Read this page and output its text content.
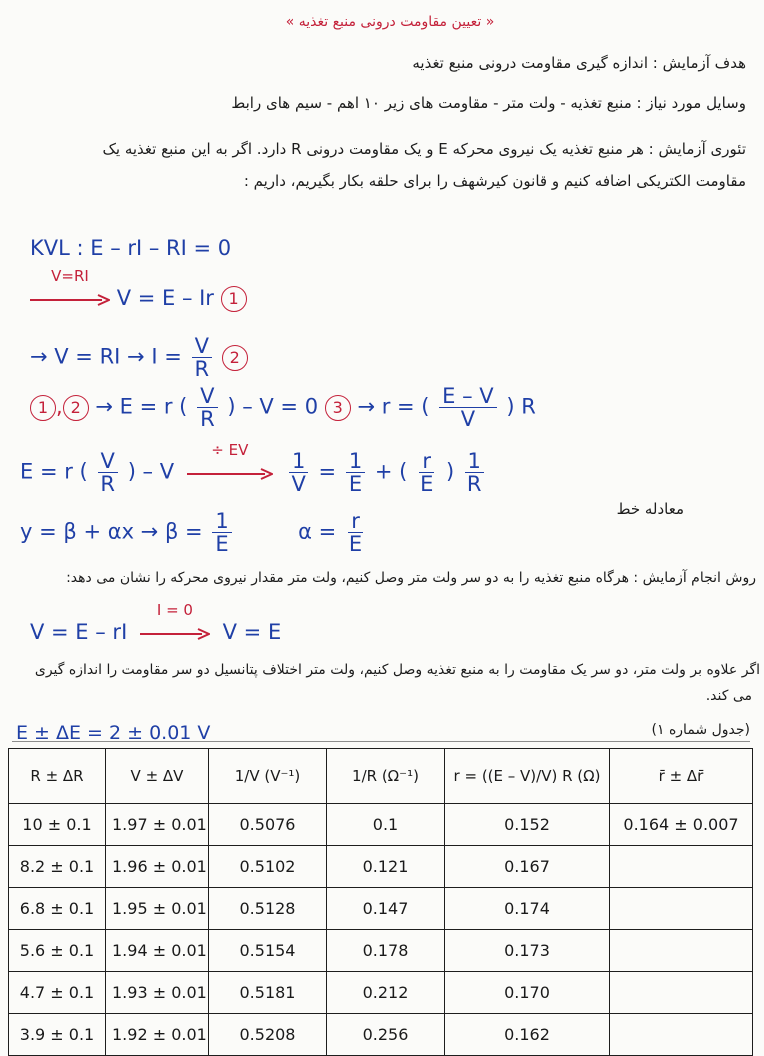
« تعیین مقاومت درونی منبع تغذیه »
هدف آزمایش : اندازه گیری مقاومت درونی منبع تغذیه
وسایل مورد نیاز : منبع تغذیه - ولت متر - مقاومت های زیر ۱۰ اهم - سیم های رابط
تئوری آزمایش : هر منبع تغذیه یک نیروی محرکه E و یک مقاومت درونی R دارد. اگر به این منبع تغذیه یک
مقاومت الکتریکی اضافه کنیم و قانون کیرشهف را برای حلقه بکار بگیریم، داریم :
KVL : E – rI – RI = 0
V=RI
V = E – Ir 1
→ V = RI → $I = \frac{V}{R} 2$
1 , 2 → E = r ( $\frac{V}{R}$ ) – V = 0 3 → r = ( $\frac{E - V}{V}$ ) R
E = r ( $\frac{V}{R}$ ) – V
÷ EV

$\frac{1}{V} = \frac{1}{E}$ + ( $\frac{r}{E}$ ) $\frac{1}{R}$
$y = \beta + \alpha x \to \beta = \frac{1}{E}$	$\alpha = \frac{r}{E}$
معادله خط
روش انجام آزمایش : هرگاه منبع تغذیه را به دو سر ولت متر وصل کنیم، ولت متر مقدار نیروی محرکه را نشان می دهد:
V = E – rI
I = 0
V = E
اگر علاوه بر ولت متر، دو سر یک مقاومت را به منبع تغذیه وصل کنیم، ولت متر اختلاف پتانسیل دو سر مقاومت را اندازه گیری
می کند.
E ± ΔE = 2 ± 0.01 V	(جدول شماره ۱)
R ± ΔR	V ± ΔV	1/V (V⁻¹)	1/R (Ω⁻¹)	r = ((E – V)/V) R (Ω)	r̄ ± Δr̄
10 ± 0.1	1.97 ± 0.01	0.5076	0.1	0.152	0.164 ± 0.007
8.2 ± 0.1	1.96 ± 0.01	0.5102	0.121	0.167	
6.8 ± 0.1	1.95 ± 0.01	0.5128	0.147	0.174	
5.6 ± 0.1	1.94 ± 0.01	0.5154	0.178	0.173	
4.7 ± 0.1	1.93 ± 0.01	0.5181	0.212	0.170	
3.9 ± 0.1	1.92 ± 0.01	0.5208	0.256	0.162	
